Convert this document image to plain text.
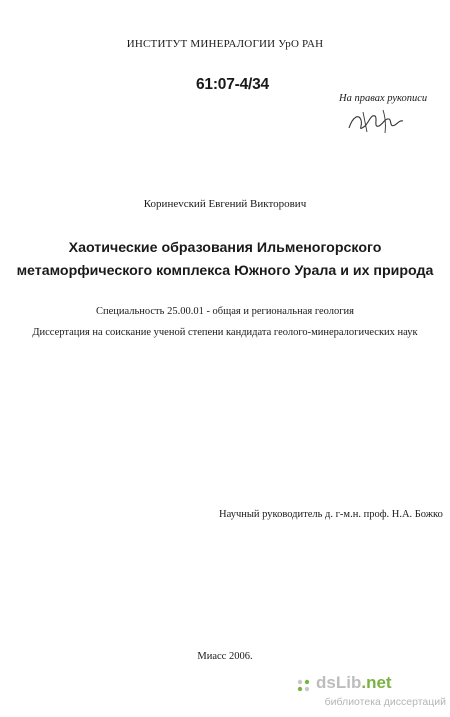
ИНСТИТУТ МИНЕРАЛОГИИ УрО РАН
61:07-4/34
На правах рукописи
Коринevский Евгений Викторович
Хаотические образования Ильменогорского
метаморфического комплекса Южного Урала и их природа
Специальность 25.00.01 - общая и региональная геология
Диссертация на соискание ученой степени кандидата геолого-минералогических наук
Научный руководитель д. г-м.н. проф. Н.А. Божко
Миасс 2006.
dsLib.net
библиотека диссертаций
